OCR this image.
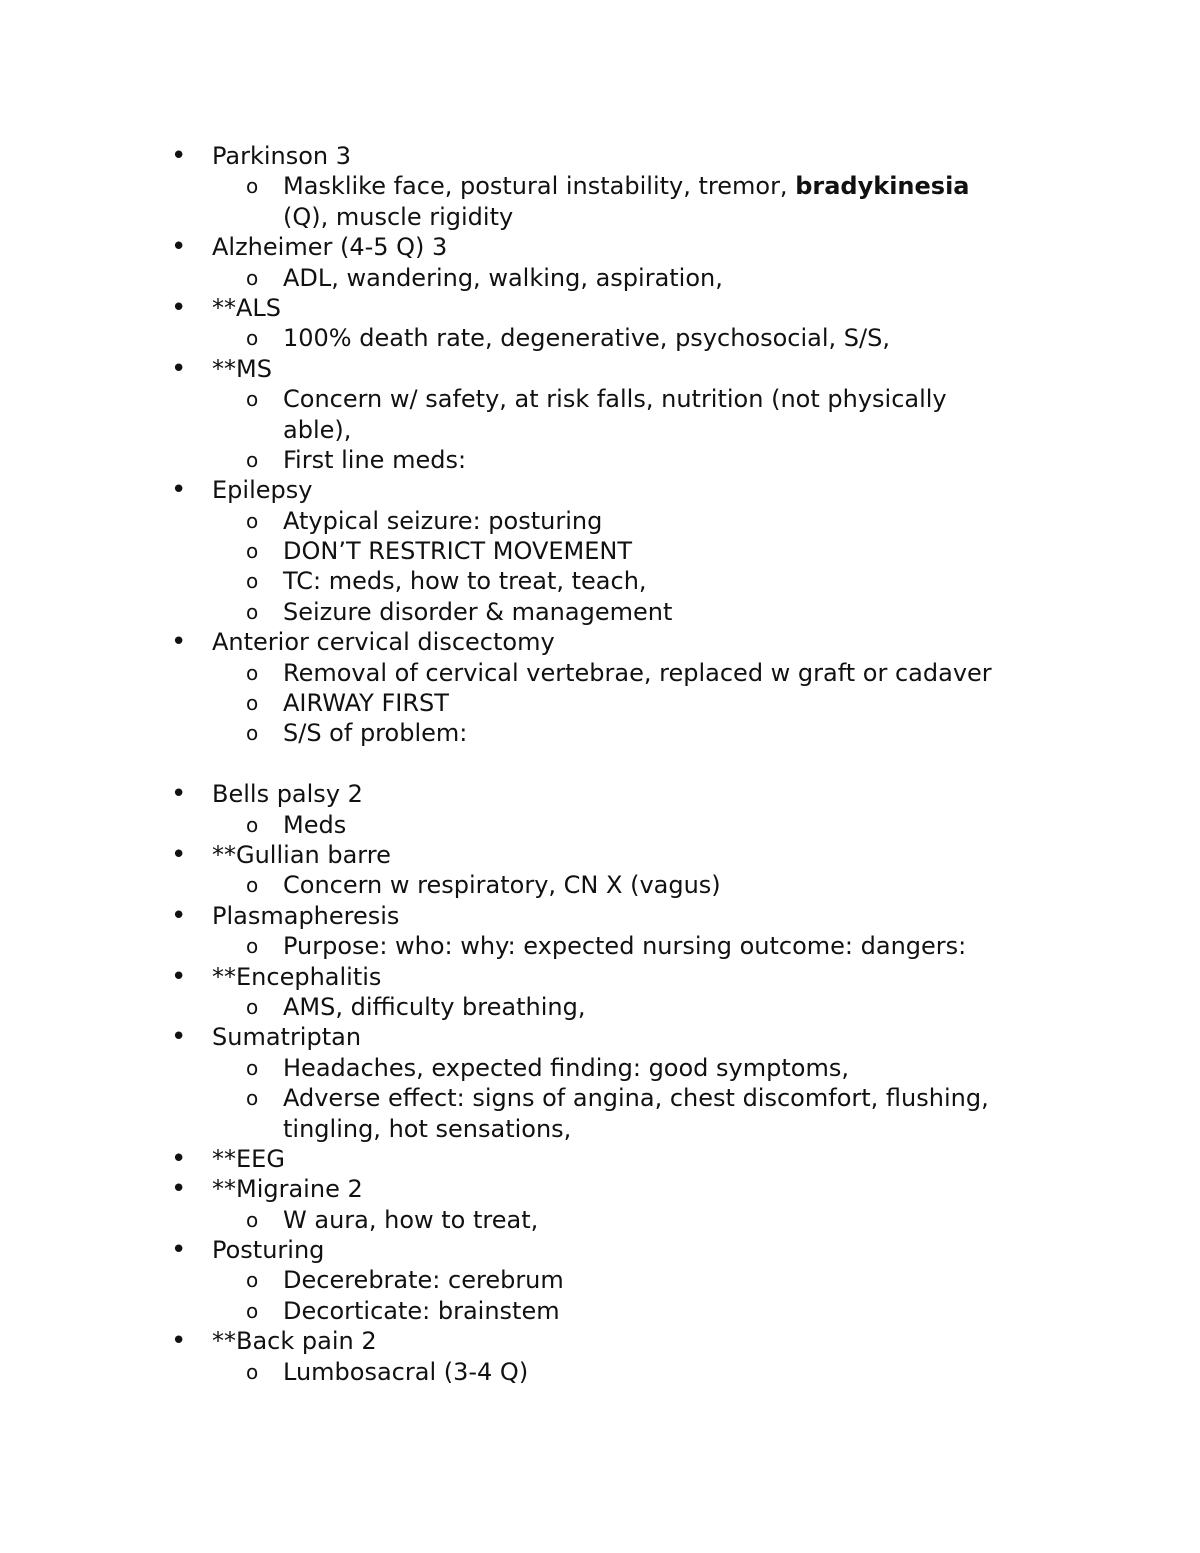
• Parkinson 3
o Masklike face, postural instability, tremor, bradykinesia
(Q), muscle rigidity
• Alzheimer (4-5 Q) 3
o ADL, wandering, walking, aspiration,
• **ALS
o 100% death rate, degenerative, psychosocial, S/S,
• **MS
o Concern w/ safety, at risk falls, nutrition (not physically
able),
o First line meds:
• Epilepsy
o Atypical seizure: posturing
o DON’T RESTRICT MOVEMENT
o TC: meds, how to treat, teach,
o Seizure disorder & management
• Anterior cervical discectomy
o Removal of cervical vertebrae, replaced w graft or cadaver
o AIRWAY FIRST
o S/S of problem:
• Bells palsy 2
o Meds
• **Gullian barre
o Concern w respiratory, CN X (vagus)
• Plasmapheresis
o Purpose: who: why: expected nursing outcome: dangers:
• **Encephalitis
o AMS, difficulty breathing,
• Sumatriptan
o Headaches, expected finding: good symptoms,
o Adverse effect: signs of angina, chest discomfort, flushing,
tingling, hot sensations,
• **EEG
• **Migraine 2
o W aura, how to treat,
• Posturing
o Decerebrate: cerebrum
o Decorticate: brainstem
• **Back pain 2
o Lumbosacral (3-4 Q)
